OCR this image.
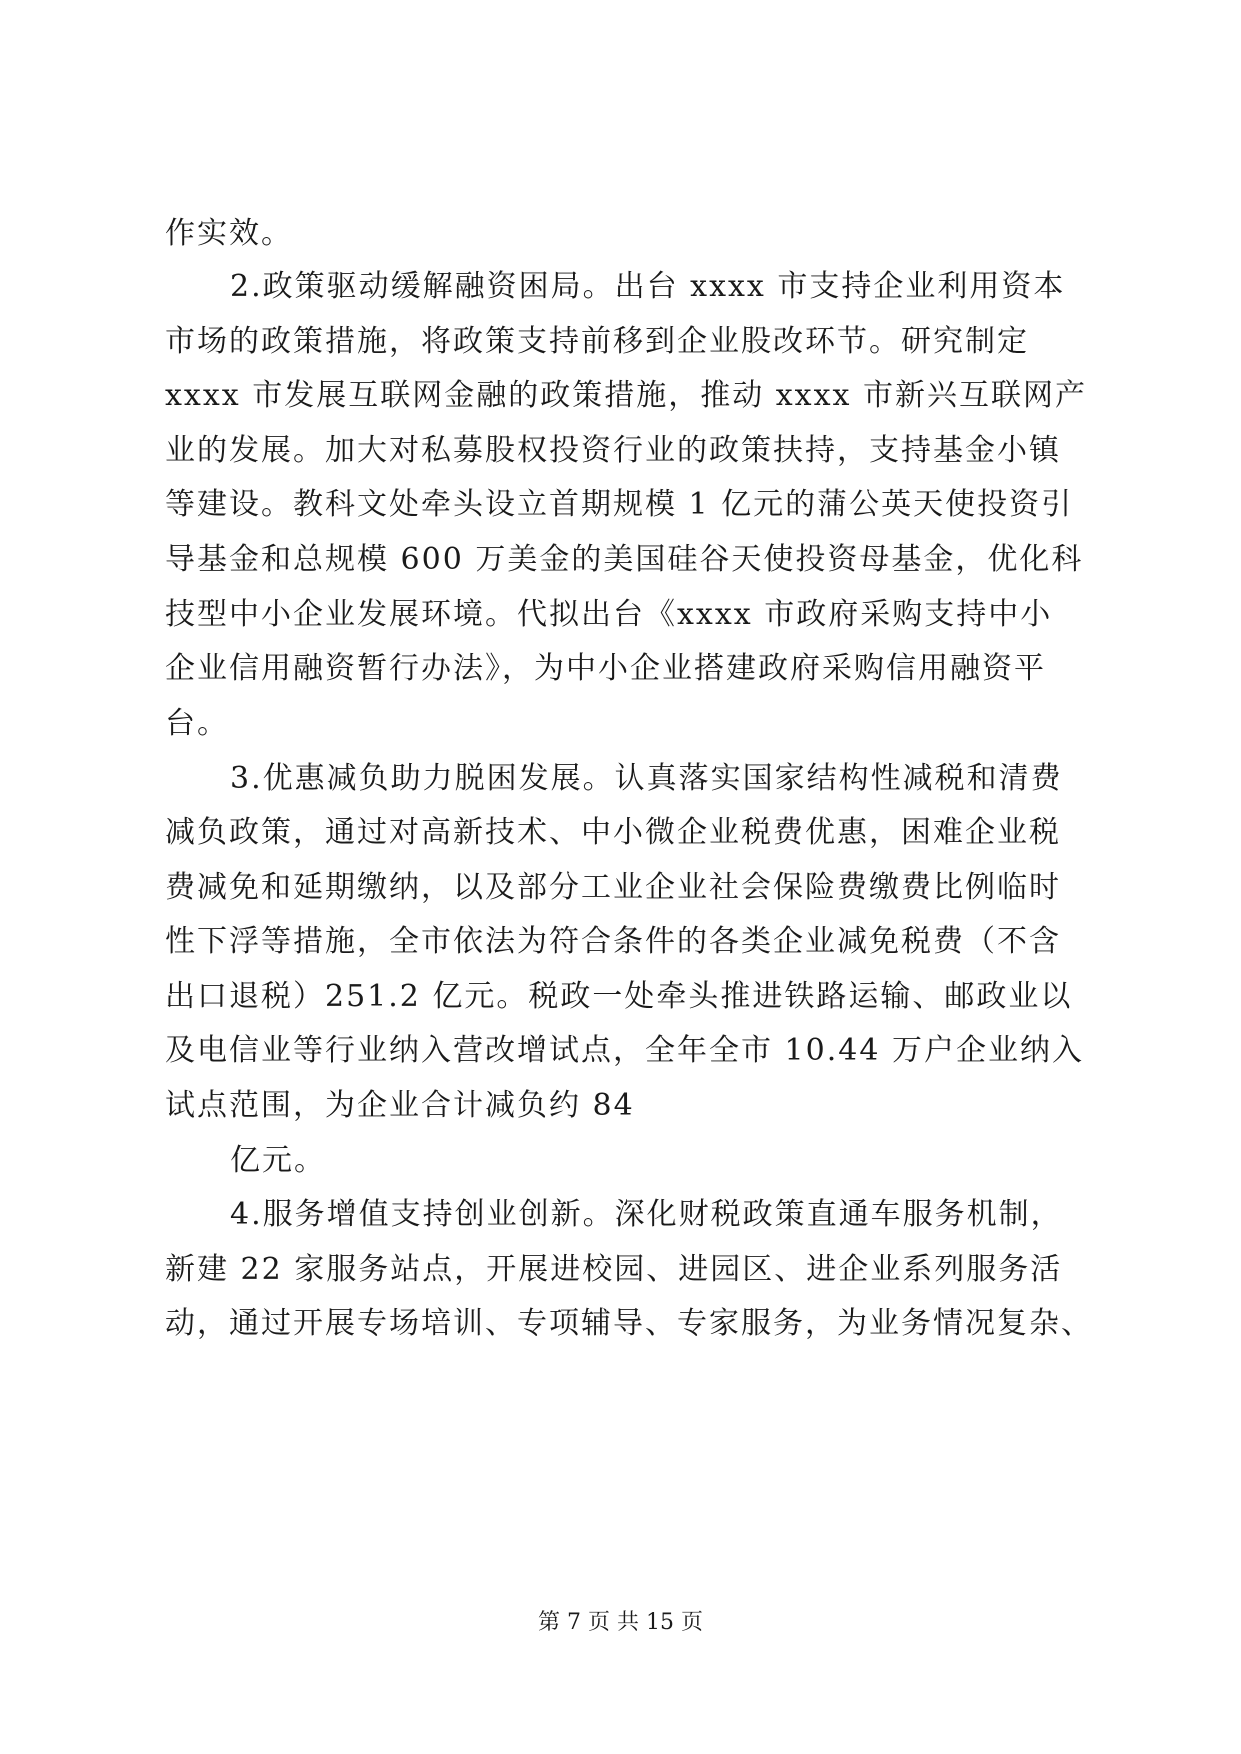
作实效。
2.政策驱动缓解融资困局。出台 xxxx 市支持企业利用资本
市场的政策措施，将政策支持前移到企业股改环节。研究制定
xxxx 市发展互联网金融的政策措施，推动 xxxx 市新兴互联网产
业的发展。加大对私募股权投资行业的政策扶持，支持基金小镇
等建设。教科文处牵头设立首期规模 1 亿元的蒲公英天使投资引
导基金和总规模 600 万美金的美国硅谷天使投资母基金，优化科
技型中小企业发展环境。代拟出台《xxxx 市政府采购支持中小
企业信用融资暂行办法》，为中小企业搭建政府采购信用融资平
台。
3.优惠减负助力脱困发展。认真落实国家结构性减税和清费
减负政策，通过对高新技术、中小微企业税费优惠，困难企业税
费减免和延期缴纳，以及部分工业企业社会保险费缴费比例临时
性下浮等措施，全市依法为符合条件的各类企业减免税费（不含
出口退税）251.2 亿元。税政一处牵头推进铁路运输、邮政业以
及电信业等行业纳入营改增试点，全年全市 10.44 万户企业纳入
试点范围，为企业合计减负约 84
亿元。
4.服务增值支持创业创新。深化财税政策直通车服务机制，
新建 22 家服务站点，开展进校园、进园区、进企业系列服务活
动，通过开展专场培训、专项辅导、专家服务，为业务情况复杂、
第 7 页 共 15 页
